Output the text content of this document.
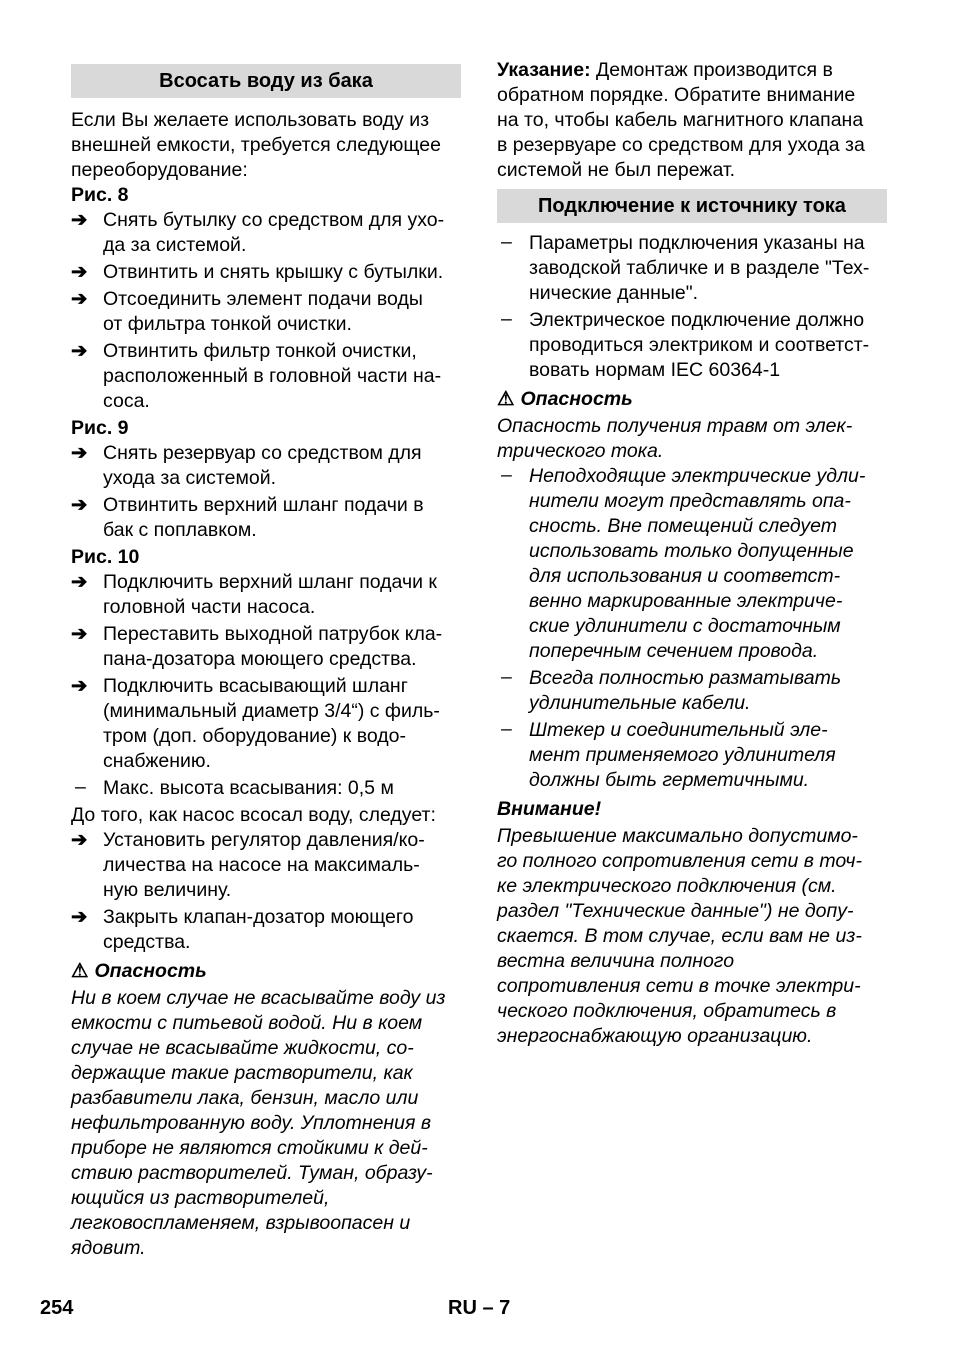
Всосать воду из бака
Если Вы желаете использовать воду из
внешней емкости, требуется следующее
переоборудование:
Рис. 8
➔ Снять бутылку со средством для ухо-
да за системой.
➔ Отвинтить и снять крышку с бутылки.
➔ Отсоединить элемент подачи воды
от фильтра тонкой очистки.
➔ Отвинтить фильтр тонкой очистки,
расположенный в головной части на-
соса.
Рис. 9
➔ Снять резервуар со средством для
ухода за системой.
➔ Отвинтить верхний шланг подачи в
бак с поплавком.
Рис. 10
➔ Подключить верхний шланг подачи к
головной части насоса.
➔ Переставить выходной патрубок кла-
пана-дозатора моющего средства.
➔ Подключить всасывающий шланг
(минимальный диаметр 3/4“) с филь-
тром (доп. оборудование) к водо-
снабжению.
– Макс. высота всасывания: 0,5 м
До того, как насос всосал воду, следует:
➔ Установить регулятор давления/ко-
личества на насосе на максималь-
ную величину.
➔ Закрыть клапан-дозатор моющего
средства.
⚠ Опасность
Ни в коем случае не всасывайте воду из
емкости с питьевой водой. Ни в коем
случае не всасывайте жидкости, со-
держащие такие растворители, как
разбавители лака, бензин, масло или
нефильтрованную воду. Уплотнения в
приборе не являются стойкими к дей-
ствию растворителей. Туман, образу-
ющийся из растворителей,
легковоспламеняем, взрывоопасен и
ядовит.
Указание: Демонтаж производится в
обратном порядке. Обратите внимание
на то, чтобы кабель магнитного клапана
в резервуаре со средством для ухода за
системой не был пережат.
Подключение к источнику тока
– Параметры подключения указаны на
заводской табличке и в разделе "Тех-
нические данные".
– Электрическое подключение должно
проводиться электриком и соответст-
вовать нормам IEC 60364-1
⚠ Опасность
Опасность получения травм от элек-
трического тока.
– Неподходящие электрические удли-
нители могут представлять опа-
сность. Вне помещений следует
использовать только допущенные
для использования и соответст-
венно маркированные электриче-
ские удлинители с достаточным
поперечным сечением провода.
– Всегда полностью разматывать
удлинительные кабели.
– Штекер и соединительный эле-
мент применяемого удлинителя
должны быть герметичными.
Внимание!
Превышение максимально допустимо-
го полного сопротивления сети в точ-
ке электрического подключения (см.
раздел "Технические данные") не допу-
скается. В том случае, если вам не из-
вестна величина полного
сопротивления сети в точке электри-
ческого подключения, обратитесь в
энергоснабжающую организацию.
254	RU – 7
